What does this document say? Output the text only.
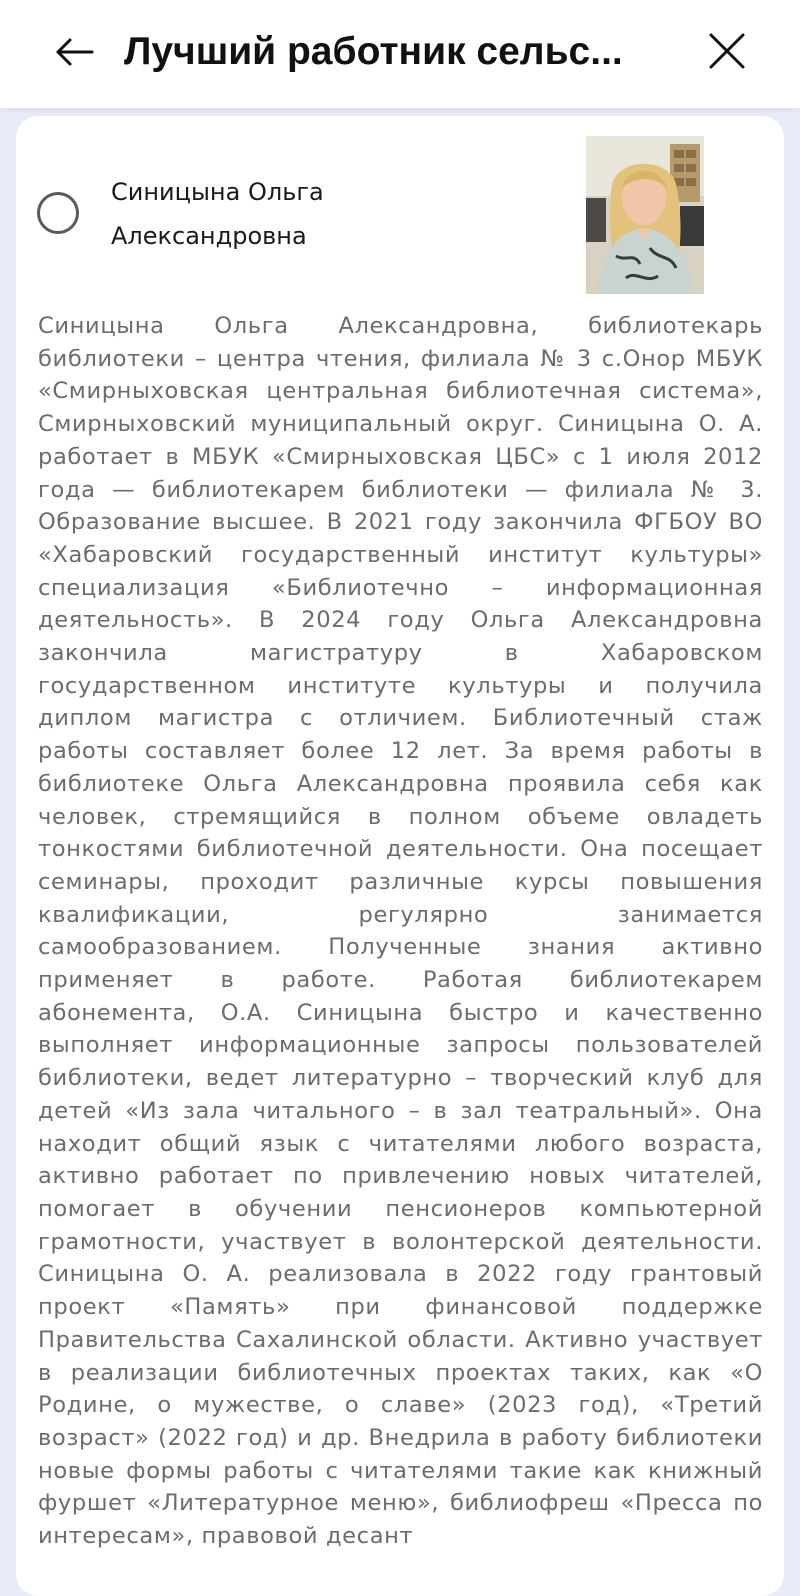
Лучший работник сельс...
Синицына Ольга Александровна

Синицына Ольга Александровна, библиотекарь библиотеки – центра чтения, филиала № 3 с.Онор МБУК «Смирныховская центральная библиотечная система», Смирныховский муниципальный округ. Синицына О. А. работает в МБУК «Смирныховская ЦБС» с 1 июля 2012 года — библиотекарем библиотеки — филиала № 3. Образование высшее. В 2021 году закончила ФГБОУ ВО «Хабаровский государственный институт культуры» специализация «Библиотечно – информационная деятельность». В 2024 году Ольга Александровна закончила магистратуру в Хабаровском государственном институте культуры и получила диплом магистра с отличием. Библиотечный стаж работы составляет более 12 лет. За время работы в библиотеке Ольга Александровна проявила себя как человек, стремящийся в полном объеме овладеть тонкостями библиотечной деятельности. Она посещает семинары, проходит различные курсы повышения квалификации, регулярно занимается самообразованием. Полученные знания активно применяет в работе. Работая библиотекарем абонемента, О.А. Синицына быстро и качественно выполняет информационные запросы пользователей библиотеки, ведет литературно – творческий клуб для детей «Из зала читального – в зал театральный». Она находит общий язык с читателями любого возраста, активно работает по привлечению новых читателей, помогает в обучении пенсионеров компьютерной грамотности, участвует в волонтерской деятельности. Синицына О. А. реализовала в 2022 году грантовый проект «Память» при финансовой поддержке Правительства Сахалинской области. Активно участвует в реализации библиотечных проектах таких, как «О Родине, о мужестве, о славе» (2023 год), «Третий возраст» (2022 год) и др. Внедрила в работу библиотеки новые формы работы с читателями такие как книжный фуршет «Литературное меню», библиофреш «Пресса по интересам», правовой десант
